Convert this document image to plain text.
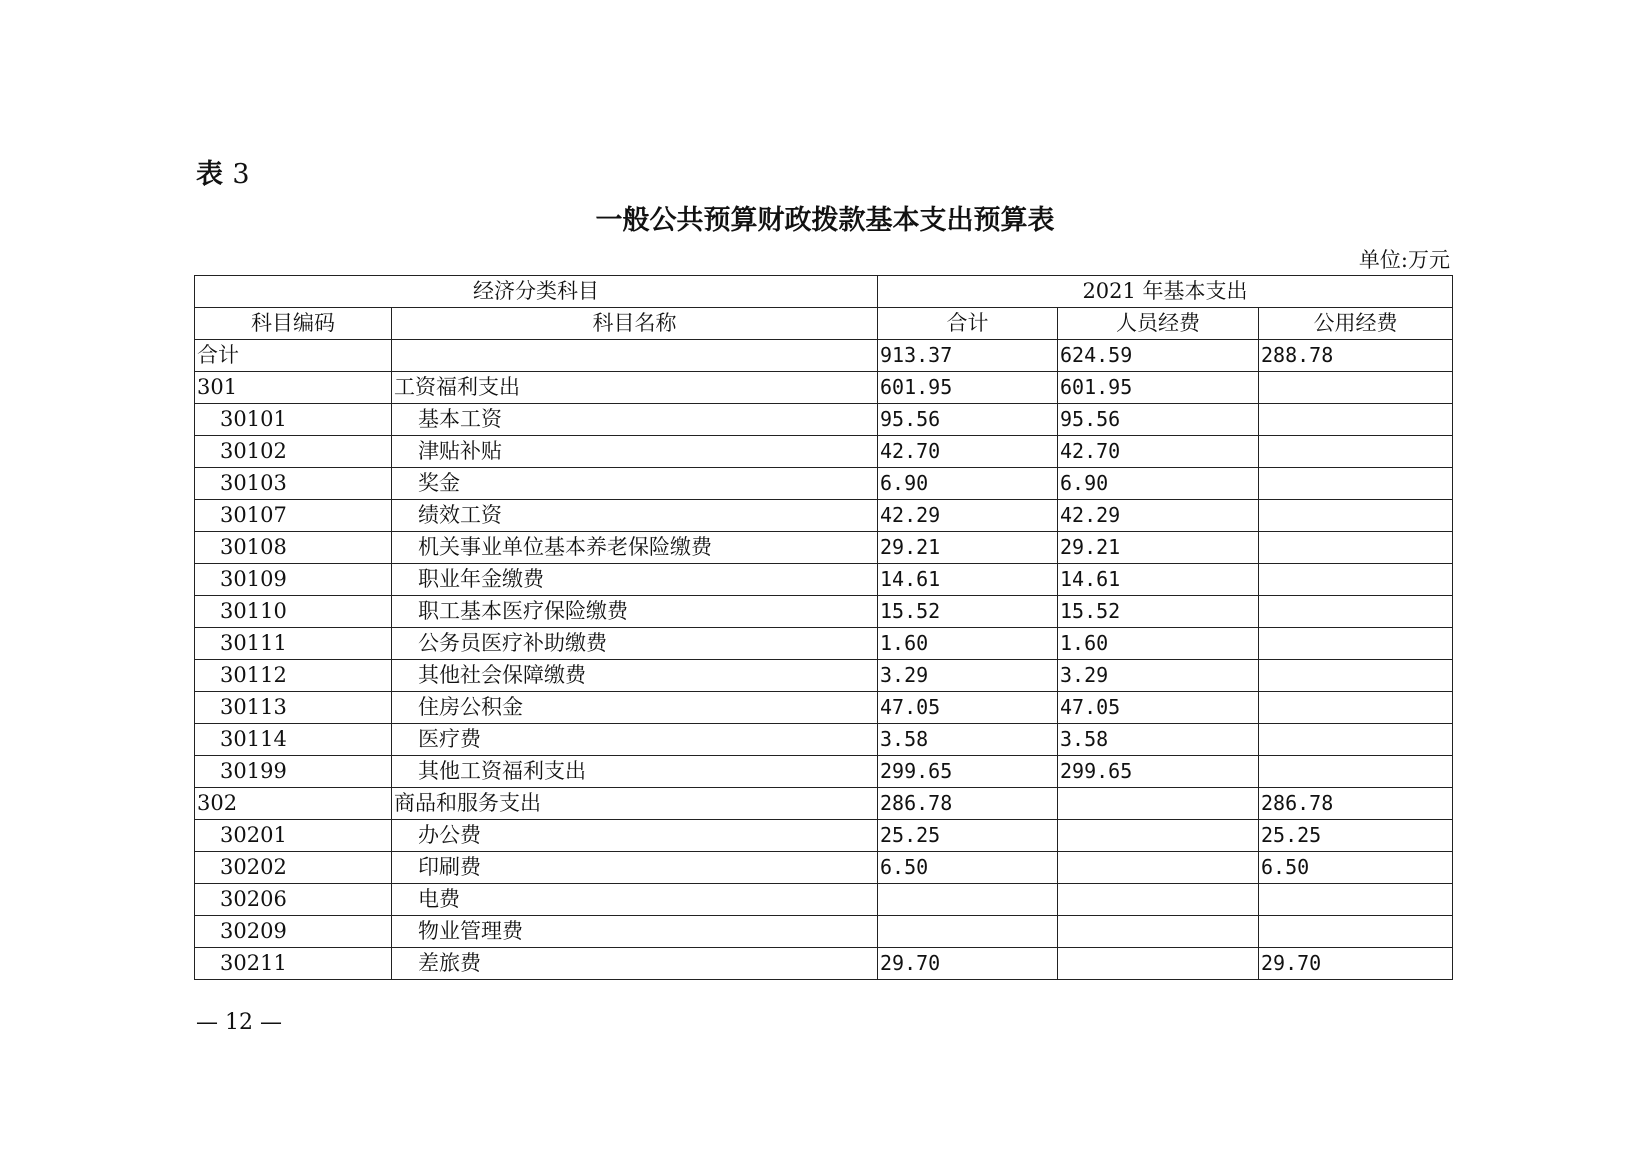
表 3
一般公共预算财政拨款基本支出预算表
单位:万元
经济分类科目		2021 年基本支出		
科目编码	科目名称	合计	人员经费	公用经费
合计		913.37	624.59	288.78
301	工资福利支出	601.95	601.95	
30101	基本工资	95.56	95.56	
30102	津贴补贴	42.70	42.70	
30103	奖金	6.90	6.90	
30107	绩效工资	42.29	42.29	
30108	机关事业单位基本养老保险缴费	29.21	29.21	
30109	职业年金缴费	14.61	14.61	
30110	职工基本医疗保险缴费	15.52	15.52	
30111	公务员医疗补助缴费	1.60	1.60	
30112	其他社会保障缴费	3.29	3.29	
30113	住房公积金	47.05	47.05	
30114	医疗费	3.58	3.58	
30199	其他工资福利支出	299.65	299.65	
302	商品和服务支出	286.78		286.78
30201	办公费	25.25		25.25
30202	印刷费	6.50		6.50
30206	电费			
30209	物业管理费			
30211	差旅费	29.70		29.70
— 12 —
